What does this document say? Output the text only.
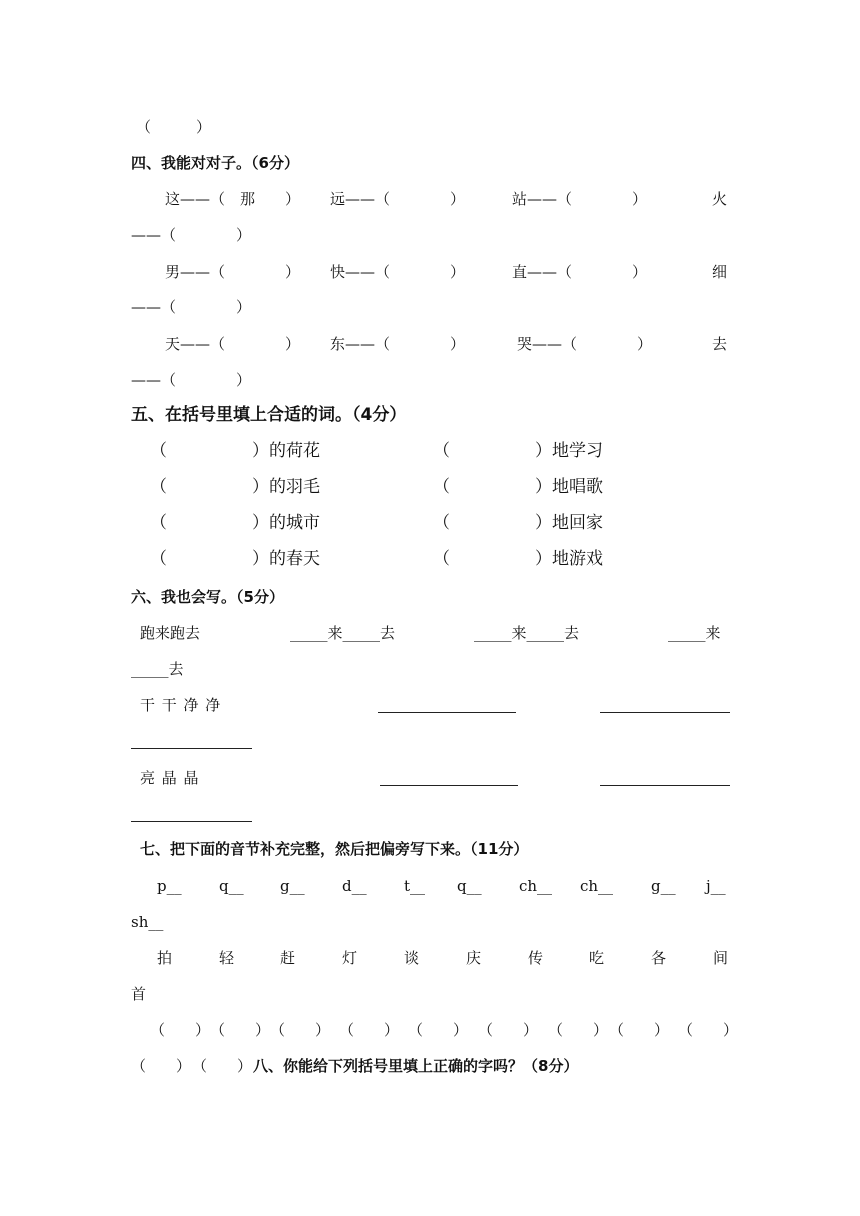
（　　　）
四、我能对对子。（6分）
这——（　那　　） 远——（　　　　）	站——（　　　　）	火
——（　　　　）
男——（　　　　） 快——（　　　　）	直——（　　　　）	细
——（　　　　）
天——（　　　　） 东——（　　　　）	哭——（　　　　）	去
——（　　　　）
五、在括号里填上合适的词。（4分）
（　　　　　）的荷花	（　　　　　）地学习
（　　　　　）的羽毛	（　　　　　）地唱歌
（　　　　　）的城市	（　　　　　）地回家
（　　　　　）的春天	（　　　　　）地游戏
六、我也会写。（5分）
跑来跑去	_____来_____去	_____来_____去	_____来
_____去
干 干 净 净
亮 晶 晶
七、把下面的音节补充完整，然后把偏旁写下来。（11分）
p__ q__ g__ d__ t__ q__ ch__ ch__	g__ j__
sh__
拍	轻	赶	灯	谈	庆	传	吃	各	间
首
（　　） （　　） （　　） （　　） （　　） （　　） （　　） （　　） （　　）
（　　） （　　） 八、你能给下列括号里填上正确的字吗？（8分）
